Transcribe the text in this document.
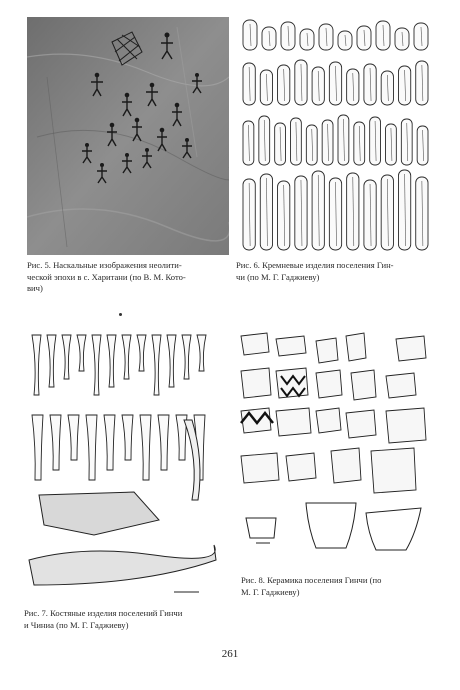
Рис. 5. Наскальные изображения неолити-
ческой эпохи в с. Харитани (по В. М. Кото-
вич)
Рис. 6. Кремневые изделия поселения Гин-
чи (по М. Г. Гаджиеву)
Рис. 8. Керамика поселения Гинчи (по
М. Г. Гаджиеву)
Рис. 7. Костяные изделия поселений Гинчи
и Чиниа (по М. Г. Гаджиеву)
261
